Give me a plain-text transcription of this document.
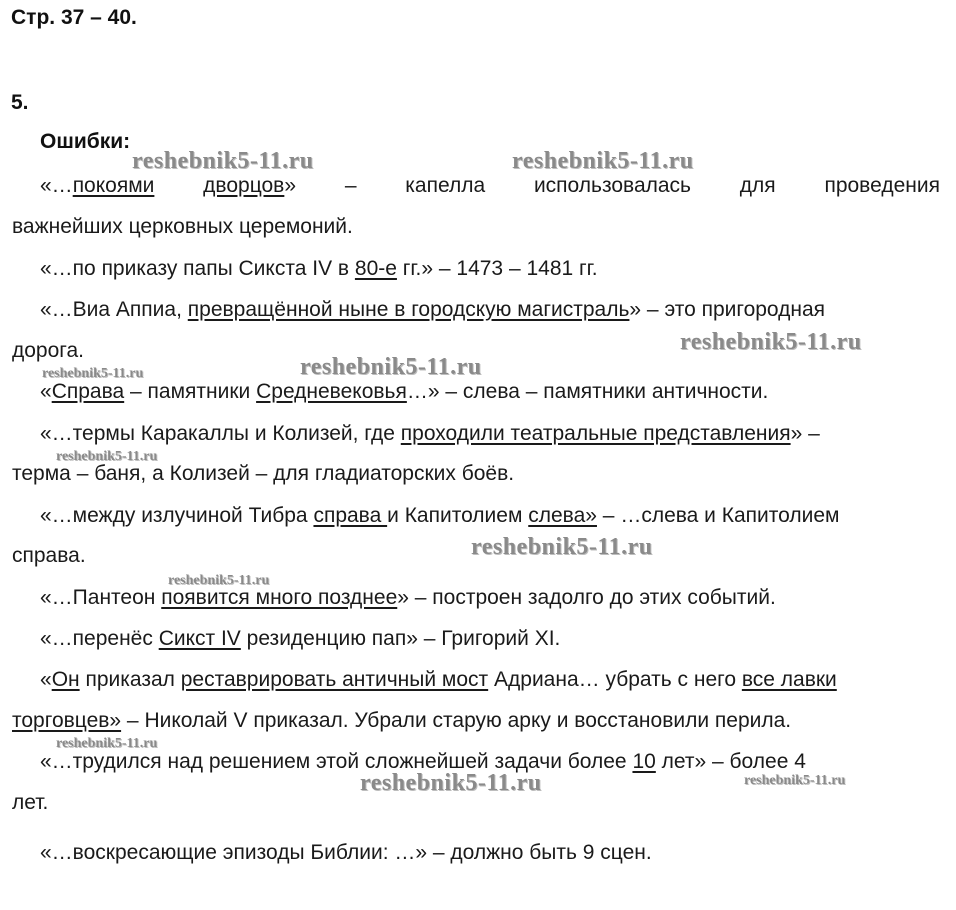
Стр. 37 – 40.
5.
Ошибки:
«…покоями дворцов» – капелла использовалась для проведения
важнейших церковных церемоний.
«…по приказу папы Сикста IV в 80-е гг.» – 1473 – 1481 гг.
«…Виа Аппиа, превращённой ныне в городскую магистраль» – это пригородная
дорога.
«Справа – памятники Средневековья…» – слева – памятники античности.
«…термы Каракаллы и Колизей, где проходили театральные представления» –
терма – баня, а Колизей – для гладиаторских боёв.
«…между излучиной Тибра справа и Капитолием слева» – …слева и Капитолием
справа.
«…Пантеон появится много позднее» – построен задолго до этих событий.
«…перенёс Сикст IV резиденцию пап» – Григорий XI.
«Он приказал реставрировать античный мост Адриана… убрать с него все лавки
торговцев» – Николай V приказал. Убрали старую арку и восстановили перила.
«…трудился над решением этой сложнейшей задачи более 10 лет» – более 4
лет.
«…воскресающие эпизоды Библии: …» – должно быть 9 сцен.
reshebnik5-11.ru	reshebnik5-11.ru
reshebnik5-11.ru
reshebnik5-11.ru
reshebnik5-11.ru
reshebnik5-11.ru
reshebnik5-11.ru
reshebnik5-11.ru
reshebnik5-11.ru
reshebnik5-11.ru	reshebnik5-11.ru
